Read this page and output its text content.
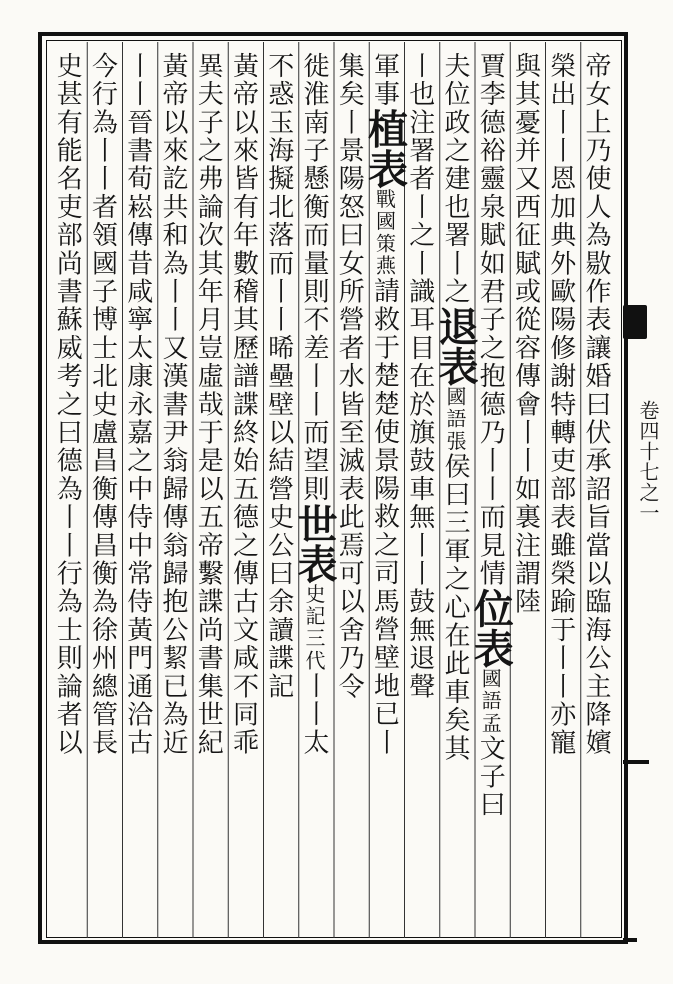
帝女上乃使人為敭作表讓婚曰伏承詔旨當以臨海公主降嬪
榮出丨丨恩加典外歐陽修謝特轉吏部表雖榮踰于丨丨亦寵
與其憂并又西征賦或從容傳會丨丨如裏注謂陸
賈李德裕靈泉賦如君子之抱德乃丨丨而見情位表國語孟文子曰
夫位政之建也署丨之退表國語張侯曰三軍之心在此車矣其
丨也注署者丨之丨識耳目在於旗鼓車無丨丨鼓無退聲
軍事植表戰國策燕請救于楚楚使景陽救之司馬營壁地已丨
集矣丨景陽怒曰女所營者水皆至滅表此焉可以舍乃令
徙淮南子懸衡而量則不差丨丨而望則世表史記三代丨丨太
不惑玉海擬北落而丨丨晞壘壁以結營史公曰余讀諜記
黃帝以來皆有年數稽其歷譜諜終始五德之傳古文咸不同乖
異夫子之弗論次其年月豈虛哉于是以五帝繫諜尚書集世紀
黃帝以來訖共和為丨丨又漢書尹翁歸傳翁歸抱公絜已為近
丨丨晉書荀崧傳昔咸寧太康永嘉之中侍中常侍黃門通洽古
今行為丨丨者領國子博士北史盧昌衡傳昌衡為徐州總管長
史甚有能名吏部尚書蘇威考之曰德為丨丨行為士則論者以	卷四十七之一
